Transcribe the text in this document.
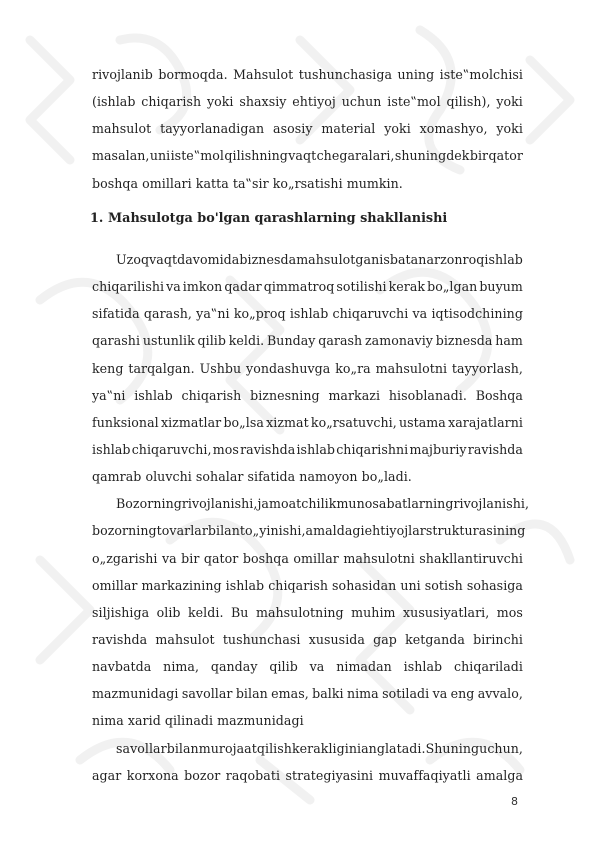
rivojlanib bormoqda. Mahsulot tushunchasiga uning iste‟molchisi
(ishlab chiqarish yoki shaxsiy ehtiyoj uchun iste‟mol qilish), yoki
mahsulot tayyorlanadigan asosiy material yoki xomashyo, yoki
masalan, uni iste‟mol qilishning vaqt chegaralari, shuningdek bir qator
boshqa omillari katta ta‟sir ko„rsatishi mumkin.
1. Mahsulotga bo'lgan qarashlarning shakllanishi
Uzoq vaqt davomida biznesda mahsulotga nisbatan arzonroq ishlab
chiqarilishi va imkon qadar qimmatroq sotilishi kerak bo„lgan buyum
sifatida qarash, ya‟ni ko„proq ishlab chiqaruvchi va iqtisodchining
qarashi ustunlik qilib keldi. Bunday qarash zamonaviy biznesda ham
keng tarqalgan. Ushbu yondashuvga ko„ra mahsulotni tayyorlash,
ya‟ni ishlab chiqarish biznesning markazi hisoblanadi. Boshqa
funksional xizmatlar bo„lsa xizmat ko„rsatuvchi, ustama xarajatlarni
ishlab chiqaruvchi, mos ravishda ishlab chiqarishni majburiy ravishda
qamrab oluvchi sohalar sifatida namoyon bo„ladi.
Bozorning rivojlanishi, jamoatchilik munosabatlarning rivojlanishi,
bozorning tovarlar bilan to„yinishi, amaldagi ehtiyojlar strukturasining
o„zgarishi va bir qator boshqa omillar mahsulotni shakllantiruvchi
omillar markazining ishlab chiqarish sohasidan uni sotish sohasiga
siljishiga olib keldi. Bu mahsulotning muhim xususiyatlari, mos
ravishda mahsulot tushunchasi xususida gap ketganda birinchi
navbatda nima, qanday qilib va nimadan ishlab chiqariladi
mazmunidagi savollar bilan emas, balki nima sotiladi va eng avvalo,
nima xarid qilinadi mazmunidagi
savollar bilan murojaat qilish kerakligini anglatadi. Shuning uchun,
agar korxona bozor raqobati strategiyasini muvaffaqiyatli amalga
8
